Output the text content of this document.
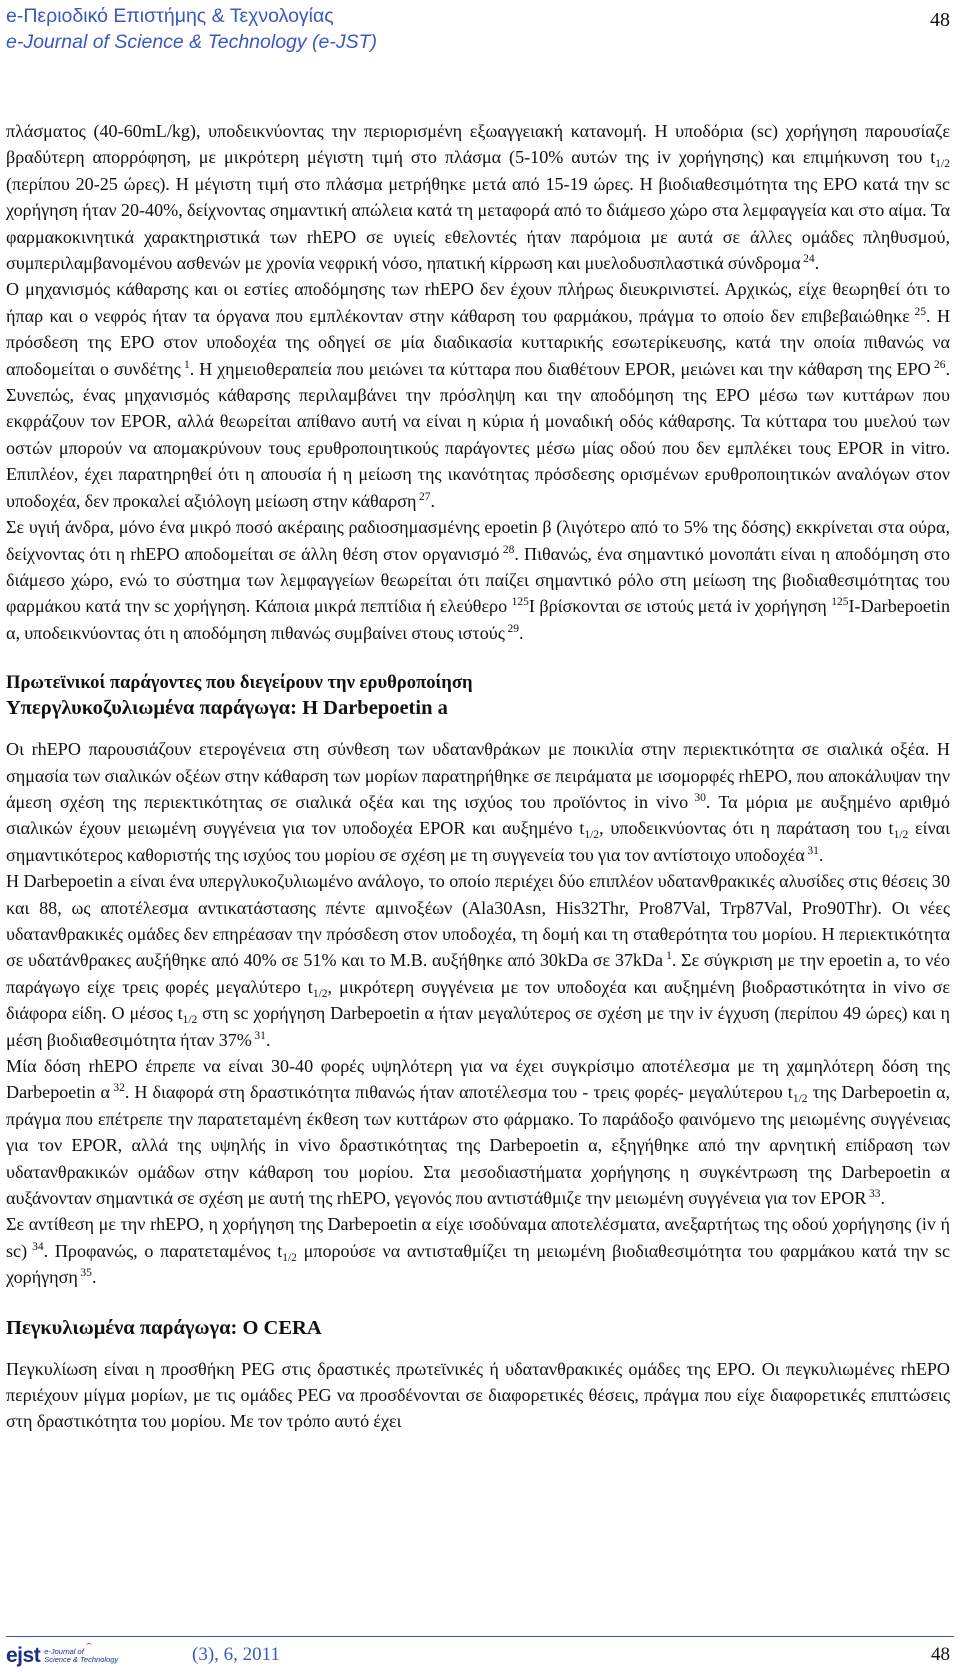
e-Περιοδικό Επιστήμης & Τεχνολογίας
e-Journal of Science & Technology (e-JST)
48

πλάσματος (40-60mL/kg), υποδεικνύοντας την περιορισμένη εξωαγγειακή κατανομή. Η υποδόρια (sc) χορήγηση παρουσίαζε βραδύτερη απορρόφηση, με μικρότερη μέγιστη τιμή στο πλάσμα (5-10% αυτών της iv χορήγησης) και επιμήκυνση του $t_{1/2}$ (περίπου 20-25 ώρες). Η μέγιστη τιμή στο πλάσμα μετρήθηκε μετά από 15-19 ώρες. Η βιοδιαθεσιμότητα της EPO κατά την sc χορήγηση ήταν 20-40%, δείχνοντας σημαντική απώλεια κατά τη μεταφορά από το διάμεσο χώρο στα λεμφαγγεία και στο αίμα. Τα φαρμακοκινητικά χαρακτηριστικά των rhEPO σε υγιείς εθελοντές ήταν παρόμοια με αυτά σε άλλες ομάδες πληθυσμού, συμπεριλαμβανομένου ασθενών με χρονία νεφρική νόσο, ηπατική κίρρωση και μυελοδυσπλαστικά σύνδρομα $^{24}$.

Ο μηχανισμός κάθαρσης και οι εστίες αποδόμησης των rhEPO δεν έχουν πλήρως διευκρινιστεί. Αρχικώς, είχε θεωρηθεί ότι το ήπαρ και ο νεφρός ήταν τα όργανα που εμπλέκονταν στην κάθαρση του φαρμάκου, πράγμα το οποίο δεν επιβεβαιώθηκε $^{25}$. Η πρόσδεση της EPO στον υποδοχέα της οδηγεί σε μία διαδικασία κυτταρικής εσωτερίκευσης, κατά την οποία πιθανώς να αποδομείται ο συνδέτης $^1$. Η χημειοθεραπεία που μειώνει τα κύτταρα που διαθέτουν EPOR, μειώνει και την κάθαρση της EPO $^{26}$. Συνεπώς, ένας μηχανισμός κάθαρσης περιλαμβάνει την πρόσληψη και την αποδόμηση της EPO μέσω των κυττάρων που εκφράζουν τον EPOR, αλλά θεωρείται απίθανο αυτή να είναι η κύρια ή μοναδική οδός κάθαρσης. Τα κύτταρα του μυελού των οστών μπορούν να απομακρύνουν τους ερυθροποιητικούς παράγοντες μέσω μίας οδού που δεν εμπλέκει τους EPOR in vitro. Επιπλέον, έχει παρατηρηθεί ότι η απουσία ή η μείωση της ικανότητας πρόσδεσης ορισμένων ερυθροποιητικών αναλόγων στον υποδοχέα, δεν προκαλεί αξιόλογη μείωση στην κάθαρση $^{27}$.

Σε υγιή άνδρα, μόνο ένα μικρό ποσό ακέραιης ραδιοσημασμένης epoetin β (λιγότερο από το 5% της δόσης) εκκρίνεται στα ούρα, δείχνοντας ότι η rhEPO αποδομείται σε άλλη θέση στον οργανισμό $^{28}$. Πιθανώς, ένα σημαντικό μονοπάτι είναι η αποδόμηση στο διάμεσο χώρο, ενώ το σύστημα των λεμφαγγείων θεωρείται ότι παίζει σημαντικό ρόλο στη μείωση της βιοδιαθεσιμότητας του φαρμάκου κατά την sc χορήγηση. Κάποια μικρά πεπτίδια ή ελεύθερο $^{125}$I βρίσκονται σε ιστούς μετά iv χορήγηση $^{125}$I-Darbepoetin α, υποδεικνύοντας ότι η αποδόμηση πιθανώς συμβαίνει στους ιστούς $^{29}$.

Πρωτεϊνικοί παράγοντες που διεγείρουν την ερυθροποίηση

Υπεργλυκοζυλιωμένα παράγωγα: Η Darbepoetin a

Οι rhEPO παρουσιάζουν ετερογένεια στη σύνθεση των υδατανθράκων με ποικιλία στην περιεκτικότητα σε σιαλικά οξέα. Η σημασία των σιαλικών οξέων στην κάθαρση των μορίων παρατηρήθηκε σε πειράματα με ισομορφές rhEPO, που αποκάλυψαν την άμεση σχέση της περιεκτικότητας σε σιαλικά οξέα και της ισχύος του προϊόντος in vivo $^{30}$. Τα μόρια με αυξημένο αριθμό σιαλικών έχουν μειωμένη συγγένεια για τον υποδοχέα EPOR και αυξημένο $t_{1/2}$, υποδεικνύοντας ότι η παράταση του $t_{1/2}$ είναι σημαντικότερος καθοριστής της ισχύος του μορίου σε σχέση με τη συγγενεία του για τον αντίστοιχο υποδοχέα $^{31}$.

Η Darbepoetin a είναι ένα υπεργλυκοζυλιωμένο ανάλογο, το οποίο περιέχει δύο επιπλέον υδατανθρακικές αλυσίδες στις θέσεις 30 και 88, ως αποτέλεσμα αντικατάστασης πέντε αμινοξέων (Ala30Asn, His32Thr, Pro87Val, Trp87Val, Pro90Thr). Οι νέες υδατανθρακικές ομάδες δεν επηρέασαν την πρόσδεση στον υποδοχέα, τη δομή και τη σταθερότητα του μορίου. Η περιεκτικότητα σε υδατάνθρακες αυξήθηκε από 40% σε 51% και το Μ.Β. αυξήθηκε από 30kDa σε 37kDa $^1$. Σε σύγκριση με την epoetin a, το νέο παράγωγο είχε τρεις φορές μεγαλύτερο $t_{1/2}$, μικρότερη συγγένεια με τον υποδοχέα και αυξημένη βιοδραστικότητα in vivo σε διάφορα είδη. Ο μέσος $t_{1/2}$ στη sc χορήγηση Darbepoetin α ήταν μεγαλύτερος σε σχέση με την iv έγχυση (περίπου 49 ώρες) και η μέση βιοδιαθεσιμότητα ήταν 37% $^{31}$.

Μία δόση rhEPO έπρεπε να είναι 30-40 φορές υψηλότερη για να έχει συγκρίσιμο αποτέλεσμα με τη χαμηλότερη δόση της Darbepoetin α $^{32}$. Η διαφορά στη δραστικότητα πιθανώς ήταν αποτέλεσμα του - τρεις φορές- μεγαλύτερου $t_{1/2}$ της Darbepoetin α, πράγμα που επέτρεπε την παρατεταμένη έκθεση των κυττάρων στο φάρμακο. Το παράδοξο φαινόμενο της μειωμένης συγγένειας για τον EPOR, αλλά της υψηλής in vivo δραστικότητας της Darbepoetin α, εξηγήθηκε από την αρνητική επίδραση των υδατανθρακικών ομάδων στην κάθαρση του μορίου. Στα μεσοδιαστήματα χορήγησης η συγκέντρωση της Darbepoetin α αυξάνονταν σημαντικά σε σχέση με αυτή της rhEPO, γεγονός που αντιστάθμιζε την μειωμένη συγγένεια για τον EPOR $^{33}$.

Σε αντίθεση με την rhEPO, η χορήγηση της Darbepoetin α είχε ισοδύναμα αποτελέσματα, ανεξαρτήτως της οδού χορήγησης (iv ή sc) $^{34}$. Προφανώς, ο παρατεταμένος $t_{1/2}$ μπορούσε να αντισταθμίζει τη μειωμένη βιοδιαθεσιμότητα του φαρμάκου κατά την sc χορήγηση $^{35}$.

Πεγκυλιωμένα παράγωγα: Ο CERA

Πεγκυλίωση είναι η προσθήκη PEG στις δραστικές πρωτεϊνικές ή υδατανθρακικές ομάδες της EPO. Οι πεγκυλιωμένες rhEPO περιέχουν μίγμα μορίων, με τις ομάδες PEG να προσδένονται σε διαφορετικές θέσεις, πράγμα που είχε διαφορετικές επιπτώσεις στη δραστικότητα του μορίου. Με τον τρόπο αυτό έχει

ejst e-Journal of
Science & Technology	(3), 6, 2011	48
